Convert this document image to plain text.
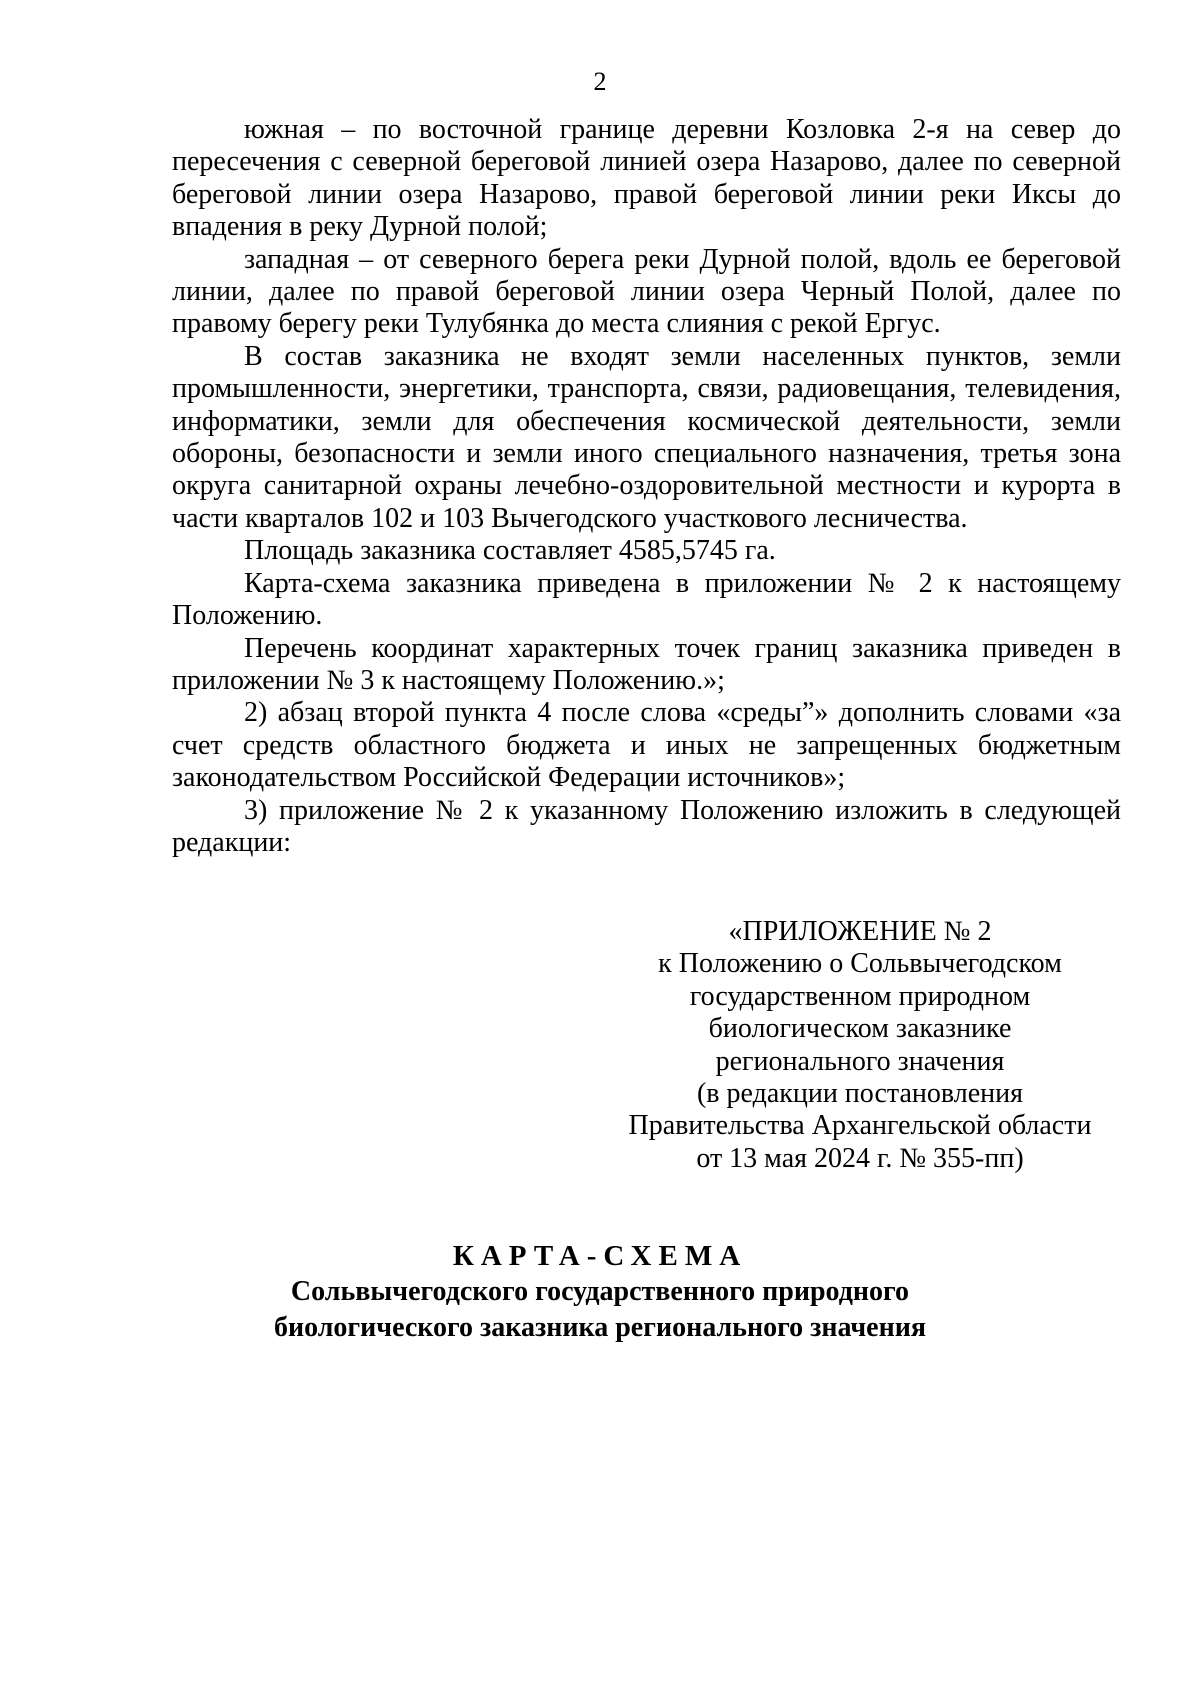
2

южная – по восточной границе деревни Козловка 2-я на север до пересечения с северной береговой линией озера Назарово, далее по северной береговой линии озера Назарово, правой береговой линии реки Иксы до впадения в реку Дурной полой;

западная – от северного берега реки Дурной полой, вдоль ее береговой линии, далее по правой береговой линии озера Черный Полой, далее по правому берегу реки Тулубянка до места слияния с рекой Ергус.

В состав заказника не входят земли населенных пунктов, земли промышленности, энергетики, транспорта, связи, радиовещания, телевидения, информатики, земли для обеспечения космической деятельности, земли обороны, безопасности и земли иного специального назначения, третья зона округа санитарной охраны лечебно-оздоровительной местности и курорта в части кварталов 102 и 103 Вычегодского участкового лесничества.

Площадь заказника составляет 4585,5745 га.

Карта-схема заказника приведена в приложении № 2 к настоящему Положению.

Перечень координат характерных точек границ заказника приведен в приложении № 3 к настоящему Положению.»;

2) абзац второй пункта 4 после слова «среды”» дополнить словами «за счет средств областного бюджета и иных не запрещенных бюджетным законодательством Российской Федерации источников»;

3) приложение № 2 к указанному Положению изложить в следующей редакции:

«ПРИЛОЖЕНИЕ № 2
к Положению о Сольвычегодском
государственном природном
биологическом заказнике
регионального значения
(в редакции постановления
Правительства Архангельской области
от 13 мая 2024 г. № 355-пп)
КАРТА-СХЕМА
Сольвычегодского государственного природного
биологического заказника регионального значения
